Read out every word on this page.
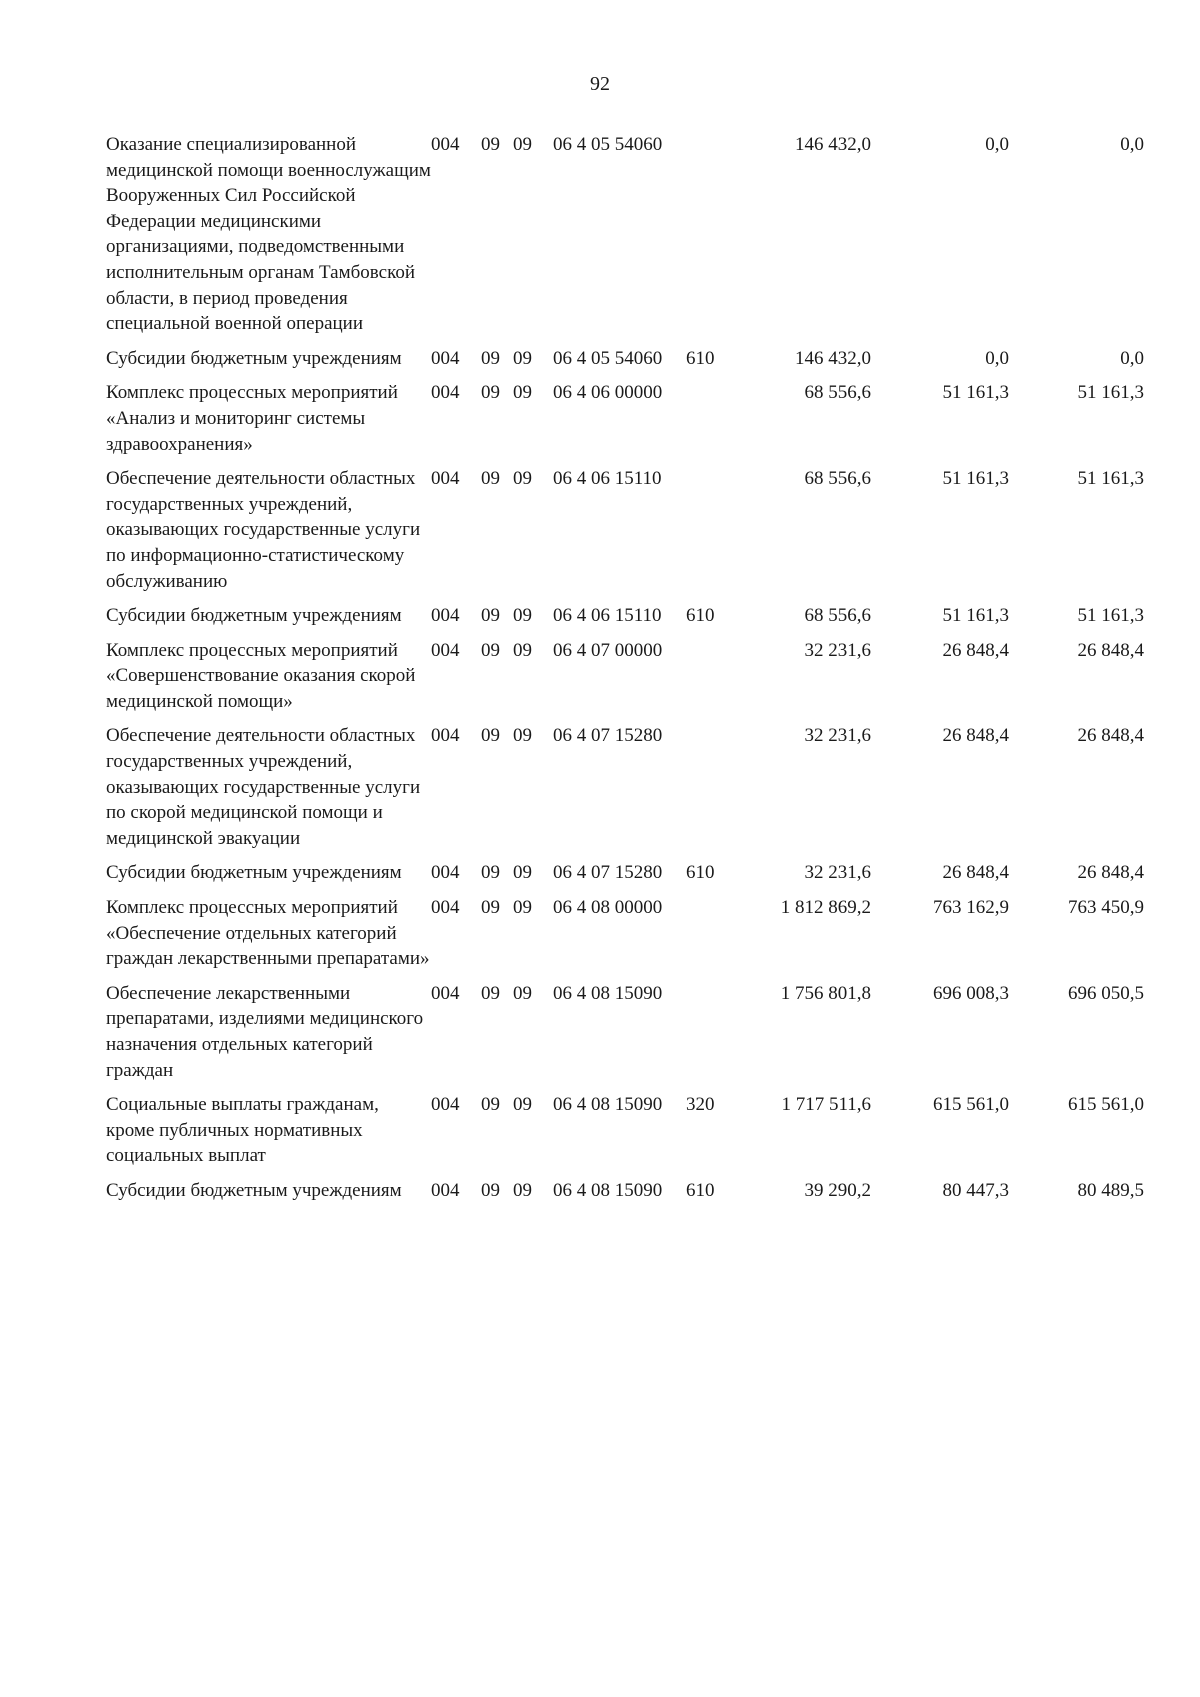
92
Оказание специализированной медицинской помощи военнослужащим Вооруженных Сил Российской Федерации медицинскими организациями, подведомственными исполнительным органам Тамбовской области, в период проведения специальной военной операции	004	09	09	06 4 05 54060		146 432,0	0,0	0,0
Субсидии бюджетным учреждениям	004	09	09	06 4 05 54060	610	146 432,0	0,0	0,0
Комплекс процессных мероприятий «Анализ и мониторинг системы здравоохранения»	004	09	09	06 4 06 00000		68 556,6	51 161,3	51 161,3
Обеспечение деятельности областных государственных учреждений, оказывающих государственные услуги по информационно-статистическому обслуживанию	004	09	09	06 4 06 15110		68 556,6	51 161,3	51 161,3
Субсидии бюджетным учреждениям	004	09	09	06 4 06 15110	610	68 556,6	51 161,3	51 161,3
Комплекс процессных мероприятий «Совершенствование оказания скорой медицинской помощи»	004	09	09	06 4 07 00000		32 231,6	26 848,4	26 848,4
Обеспечение деятельности областных государственных учреждений, оказывающих государственные услуги по скорой медицинской помощи и медицинской эвакуации	004	09	09	06 4 07 15280		32 231,6	26 848,4	26 848,4
Субсидии бюджетным учреждениям	004	09	09	06 4 07 15280	610	32 231,6	26 848,4	26 848,4
Комплекс процессных мероприятий «Обеспечение отдельных категорий граждан лекарственными препаратами»	004	09	09	06 4 08 00000		1 812 869,2	763 162,9	763 450,9
Обеспечение лекарственными препаратами, изделиями медицинского назначения отдельных категорий граждан	004	09	09	06 4 08 15090		1 756 801,8	696 008,3	696 050,5
Социальные выплаты гражданам, кроме публичных нормативных социальных выплат	004	09	09	06 4 08 15090	320	1 717 511,6	615 561,0	615 561,0
Субсидии бюджетным учреждениям	004	09	09	06 4 08 15090	610	39 290,2	80 447,3	80 489,5
